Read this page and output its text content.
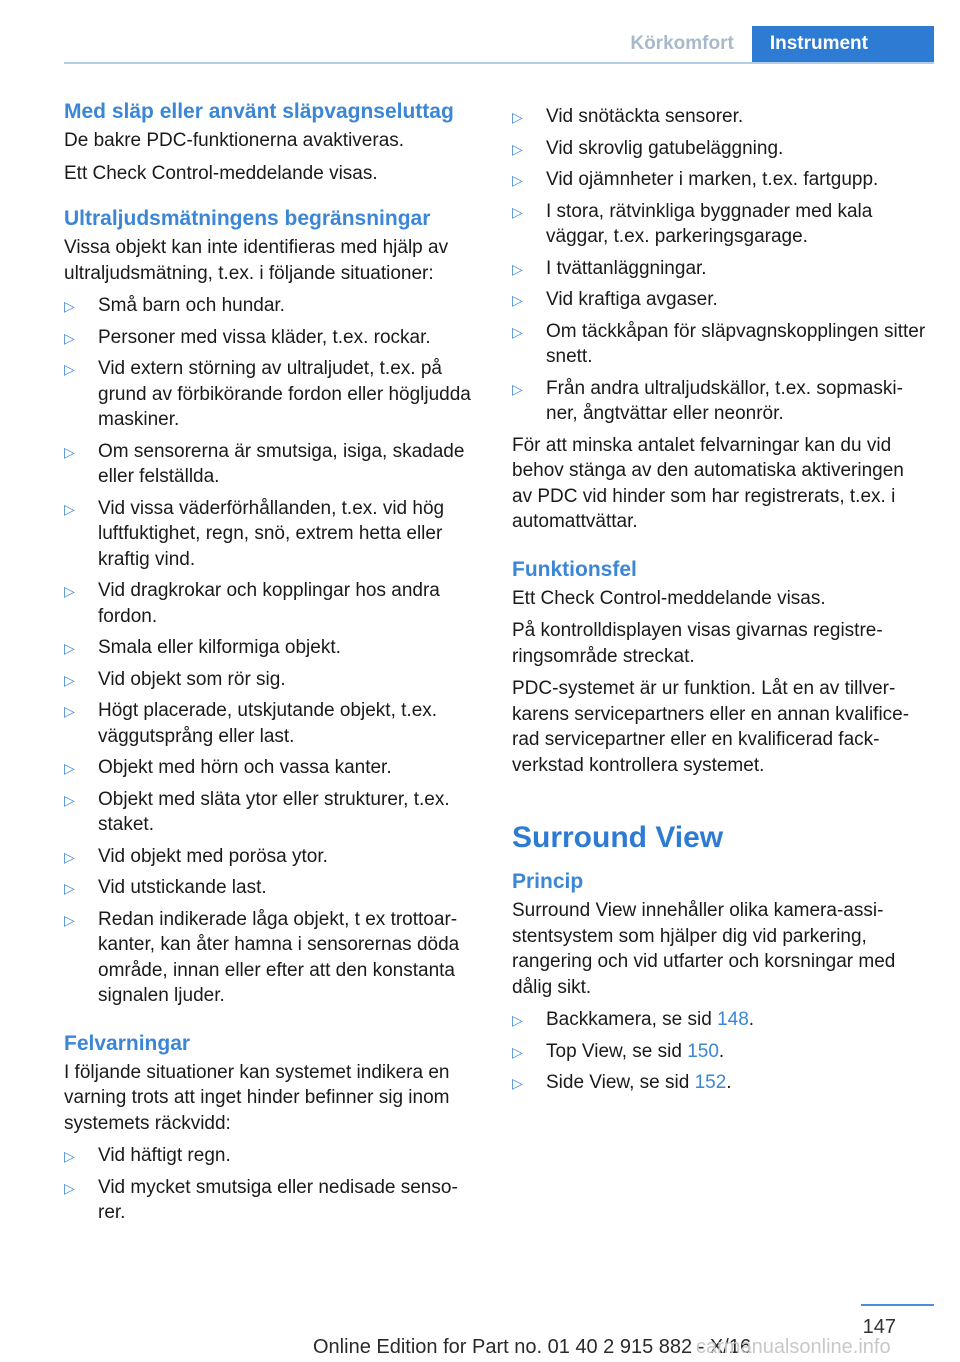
Körkomfort	Instrument
Med släp eller använt släpvagnseluttag

De bakre PDC-funktionerna avaktiveras.

Ett Check Control-meddelande visas.

Ultraljudsmätningens begränsningar

Vissa objekt kan inte identifieras med hjälp av ultraljudsmätning, t.ex. i följande situationer:

▷ Små barn och hundar.
▷ Personer med vissa kläder, t.ex. rockar.
▷ Vid extern störning av ultraljudet, t.ex. på grund av förbikörande fordon eller högljudda maskiner.
▷ Om sensorerna är smutsiga, isiga, skadade eller felställda.
▷ Vid vissa väderförhållanden, t.ex. vid hög luftfuktighet, regn, snö, extrem hetta eller kraftig vind.
▷ Vid dragkrokar och kopplingar hos andra fordon.
▷ Smala eller kilformiga objekt.
▷ Vid objekt som rör sig.
▷ Högt placerade, utskjutande objekt, t.ex. väggutsprång eller last.
▷ Objekt med hörn och vassa kanter.
▷ Objekt med släta ytor eller strukturer, t.ex. staket.
▷ Vid objekt med porösa ytor.
▷ Vid utstickande last.
▷ Redan indikerade låga objekt, t ex trottoarkanter, kan åter hamna i sensorernas döda område, innan eller efter att den konstanta signalen ljuder.
Felvarningar

I följande situationer kan systemet indikera en varning trots att inget hinder befinner sig inom systemets räckvidd:

▷ Vid häftigt regn.
▷ Vid mycket smutsiga eller nedisade sensorer.
▷ Vid snötäckta sensorer.
▷ Vid skrovlig gatubeläggning.
▷ Vid ojämnheter i marken, t.ex. fartgupp.
▷ I stora, rätvinkliga byggnader med kala väggar, t.ex. parkeringsgarage.
▷ I tvättanläggningar.
▷ Vid kraftiga avgaser.
▷ Om täckkåpan för släpvagnskopplingen sitter snett.
▷ Från andra ultraljudskällor, t.ex. sopmaskiner, ångtvättar eller neonrör.

För att minska antalet felvarningar kan du vid behov stänga av den automatiska aktiveringen av PDC vid hinder som har registrerats, t.ex. i automattvättar.

Funktionsfel

Ett Check Control-meddelande visas.

På kontrolldisplayen visas givarnas registreringsområde streckat.

PDC-systemet är ur funktion. Låt en av tillverkarens servicepartners eller en annan kvalificerad servicepartner eller en kvalificerad fackverkstad kontrollera systemet.

Surround View
Princip

Surround View innehåller olika kamera-assistentsystem som hjälper dig vid parkering, rangering och vid utfarter och korsningar med dålig sikt.

▷ Backkamera, se sid 148.
▷ Top View, se sid 150.
▷ Side View, se sid 152.
147
Online Edition for Part no. 01 40 2 915 882 - X/16
carmanualsonline.info
